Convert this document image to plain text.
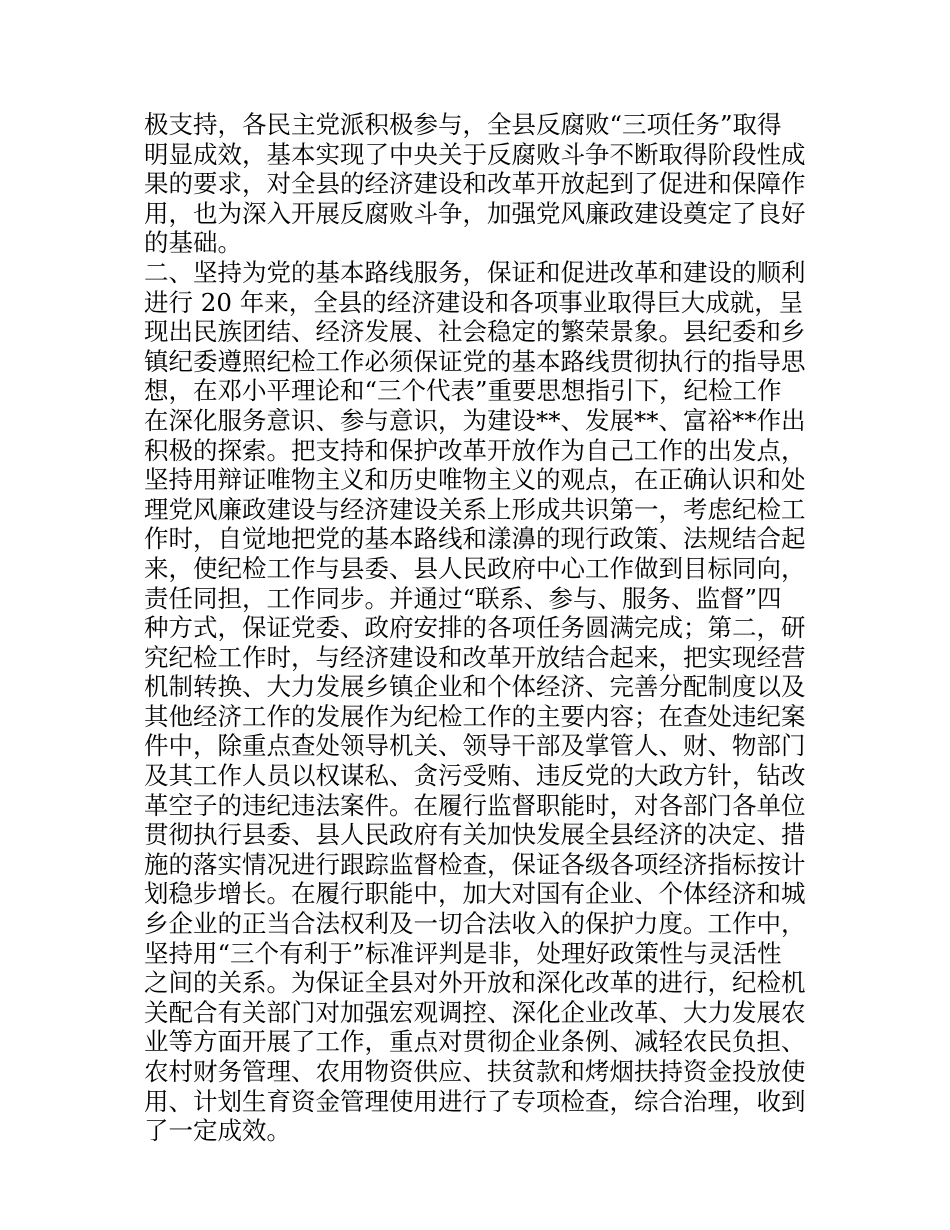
极支持，各民主党派积极参与，全县反腐败“三项任务”取得
明显成效，基本实现了中央关于反腐败斗争不断取得阶段性成
果的要求，对全县的经济建设和改革开放起到了促进和保障作
用，也为深入开展反腐败斗争，加强党风廉政建设奠定了良好
的基础。
二、坚持为党的基本路线服务，保证和促进改革和建设的顺利
进行 20 年来，全县的经济建设和各项事业取得巨大成就，呈
现出民族团结、经济发展、社会稳定的繁荣景象。县纪委和乡
镇纪委遵照纪检工作必须保证党的基本路线贯彻执行的指导思
想，在邓小平理论和“三个代表”重要思想指引下，纪检工作
在深化服务意识、参与意识，为建设**、发展**、富裕**作出
积极的探索。把支持和保护改革开放作为自己工作的出发点，
坚持用辩证唯物主义和历史唯物主义的观点，在正确认识和处
理党风廉政建设与经济建设关系上形成共识第一，考虑纪检工
作时，自觉地把党的基本路线和漾濞的现行政策、法规结合起
来，使纪检工作与县委、县人民政府中心工作做到目标同向，
责任同担，工作同步。并通过“联系、参与、服务、监督”四
种方式，保证党委、政府安排的各项任务圆满完成；第二，研
究纪检工作时，与经济建设和改革开放结合起来，把实现经营
机制转换、大力发展乡镇企业和个体经济、完善分配制度以及
其他经济工作的发展作为纪检工作的主要内容；在查处违纪案
件中，除重点查处领导机关、领导干部及掌管人、财、物部门
及其工作人员以权谋私、贪污受贿、违反党的大政方针，钻改
革空子的违纪违法案件。在履行监督职能时，对各部门各单位
贯彻执行县委、县人民政府有关加快发展全县经济的决定、措
施的落实情况进行跟踪监督检查，保证各级各项经济指标按计
划稳步增长。在履行职能中，加大对国有企业、个体经济和城
乡企业的正当合法权利及一切合法收入的保护力度。工作中，
坚持用“三个有利于”标准评判是非，处理好政策性与灵活性
之间的关系。为保证全县对外开放和深化改革的进行，纪检机
关配合有关部门对加强宏观调控、深化企业改革、大力发展农
业等方面开展了工作，重点对贯彻企业条例、减轻农民负担、
农村财务管理、农用物资供应、扶贫款和烤烟扶持资金投放使
用、计划生育资金管理使用进行了专项检查，综合治理，收到
了一定成效。
